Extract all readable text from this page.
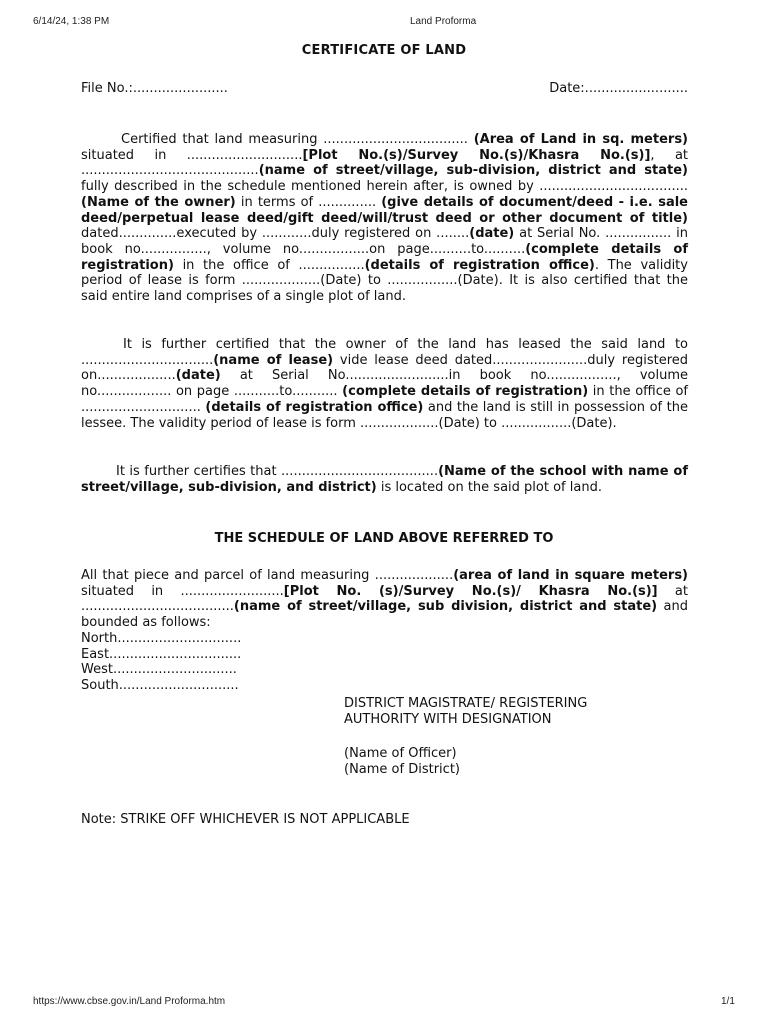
6/14/24, 1:38 PM	Land Proforma
CERTIFICATE OF LAND
File No.:.......................	Date:.........................

Certified that land measuring ................................... (Area of Land in sq. meters) situated in ............................[Plot No.(s)/Survey No.(s)/Khasra No.(s)], at ...........................................(name of street/village, sub-division, district and state) fully described in the schedule mentioned herein after, is owned by ....................................(Name of the owner) in terms of .............. (give details of document/deed - i.e. sale deed/perpetual lease deed/gift deed/will/trust deed or other document of title) dated..............executed by ............duly registered on ........(date) at Serial No. ................ in book no................, volume no.................on page..........to..........(complete details of registration) in the office of ................(details of registration office). The validity period of lease is form ...................(Date) to .................(Date). It is also certified that the said entire land comprises of a single plot of land.

It is further certified that the owner of the land has leased the said land to ................................(name of lease) vide lease deed dated.......................duly registered on...................(date) at Serial No.........................in book no................., volume no.................. on page ...........to........... (complete details of registration) in the office of ............................. (details of registration office) and the land is still in possession of the lessee. The validity period of lease is form ...................(Date) to .................(Date).

It is further certifies that ......................................(Name of the school with name of street/village, sub-division, and district) is located on the said plot of land.

THE SCHEDULE OF LAND ABOVE REFERRED TO

All that piece and parcel of land measuring ...................(area of land in square meters) situated in .........................[Plot No. (s)/Survey No.(s)/ Khasra No.(s)] at .....................................(name of street/village, sub division, district and state) and bounded as follows:

North..............................
East................................
West..............................
South.............................
DISTRICT MAGISTRATE/ REGISTERING
AUTHORITY WITH DESIGNATION
(Name of Officer)
(Name of District)
Note: STRIKE OFF WHICHEVER IS NOT APPLICABLE
https://www.cbse.gov.in/Land Proforma.htm	1/1
